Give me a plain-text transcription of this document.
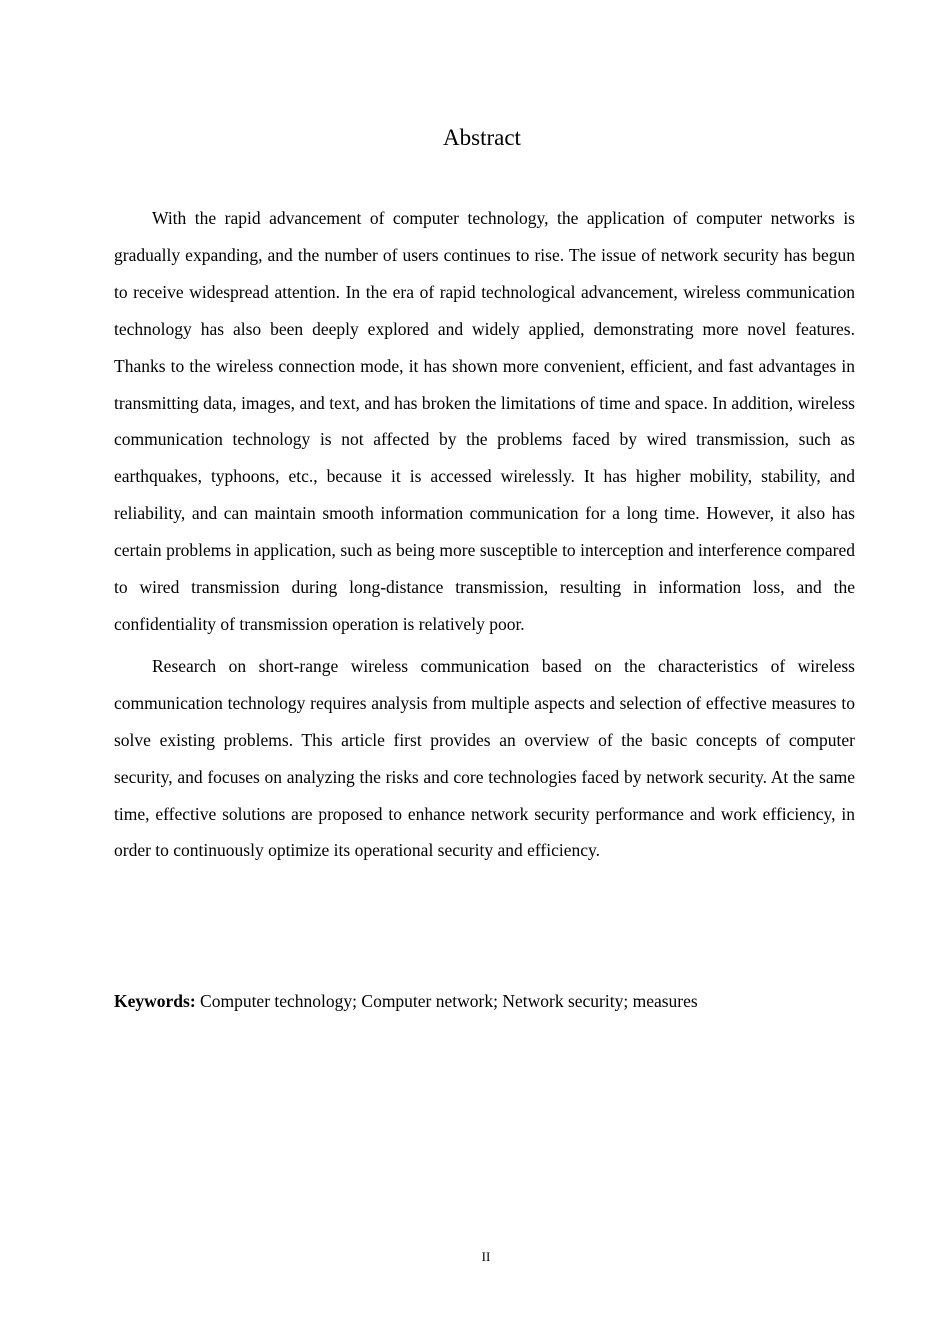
Abstract

With the rapid advancement of computer technology, the application of computer networks is gradually expanding, and the number of users continues to rise. The issue of network security has begun to receive widespread attention. In the era of rapid technological advancement, wireless communication technology has also been deeply explored and widely applied, demonstrating more novel features. Thanks to the wireless connection mode, it has shown more convenient, efficient, and fast advantages in transmitting data, images, and text, and has broken the limitations of time and space. In addition, wireless communication technology is not affected by the problems faced by wired transmission, such as earthquakes, typhoons, etc., because it is accessed wirelessly. It has higher mobility, stability, and reliability, and can maintain smooth information communication for a long time. However, it also has certain problems in application, such as being more susceptible to interception and interference compared to wired transmission during long-distance transmission, resulting in information loss, and the confidentiality of transmission operation is relatively poor.

Research on short-range wireless communication based on the characteristics of wireless communication technology requires analysis from multiple aspects and selection of effective measures to solve existing problems. This article first provides an overview of the basic concepts of computer security, and focuses on analyzing the risks and core technologies faced by network security. At the same time, effective solutions are proposed to enhance network security performance and work efficiency, in order to continuously optimize its operational security and efficiency.

Keywords: Computer technology; Computer network; Network security; measures

II
